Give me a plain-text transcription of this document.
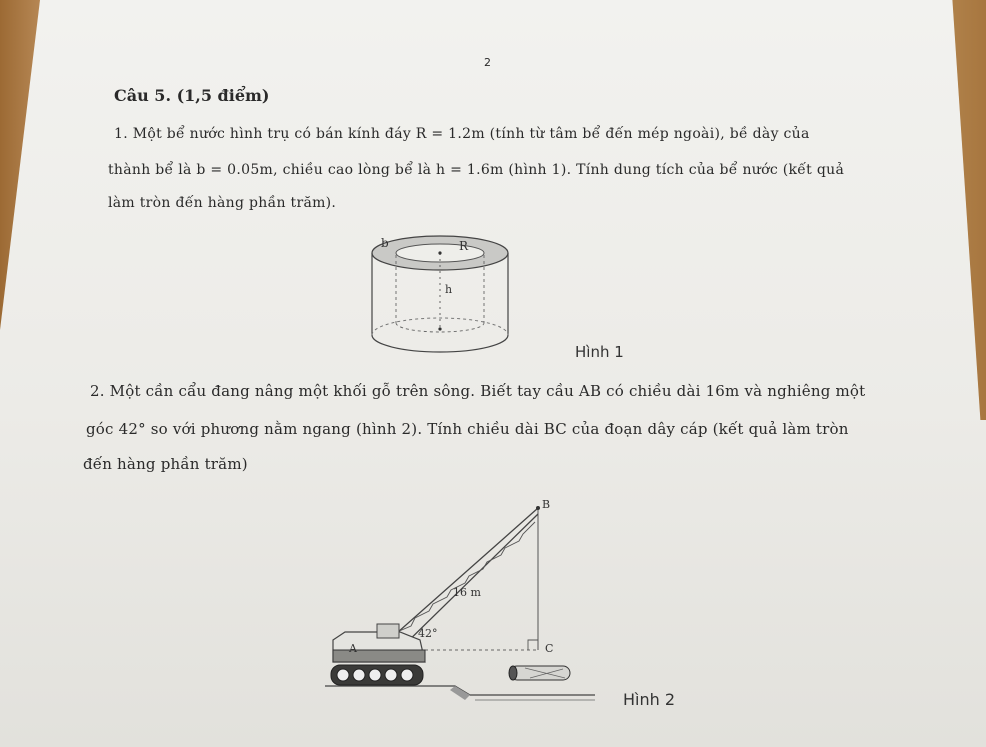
2
Câu 5. (1,5 điểm)
1. Một bể nước hình trụ có bán kính đáy R = 1.2m (tính từ tâm bể đến mép ngoài), bề dày của
thành bể là b = 0.05m, chiều cao lòng bể là h = 1.6m (hình 1). Tính dung tích của bể nước (kết quả
làm tròn đến hàng phần trăm).
b	R
h
Hình 1
2. Một cần cẩu đang nâng một khối gỗ trên sông. Biết tay cầu AB có chiều dài 16m và nghiêng một
góc 42° so với phương nằm ngang (hình 2). Tính chiều dài BC của đoạn dây cáp (kết quả làm tròn
đến hàng phần trăm)
B
C
A
16 m
42°
Hình 2
